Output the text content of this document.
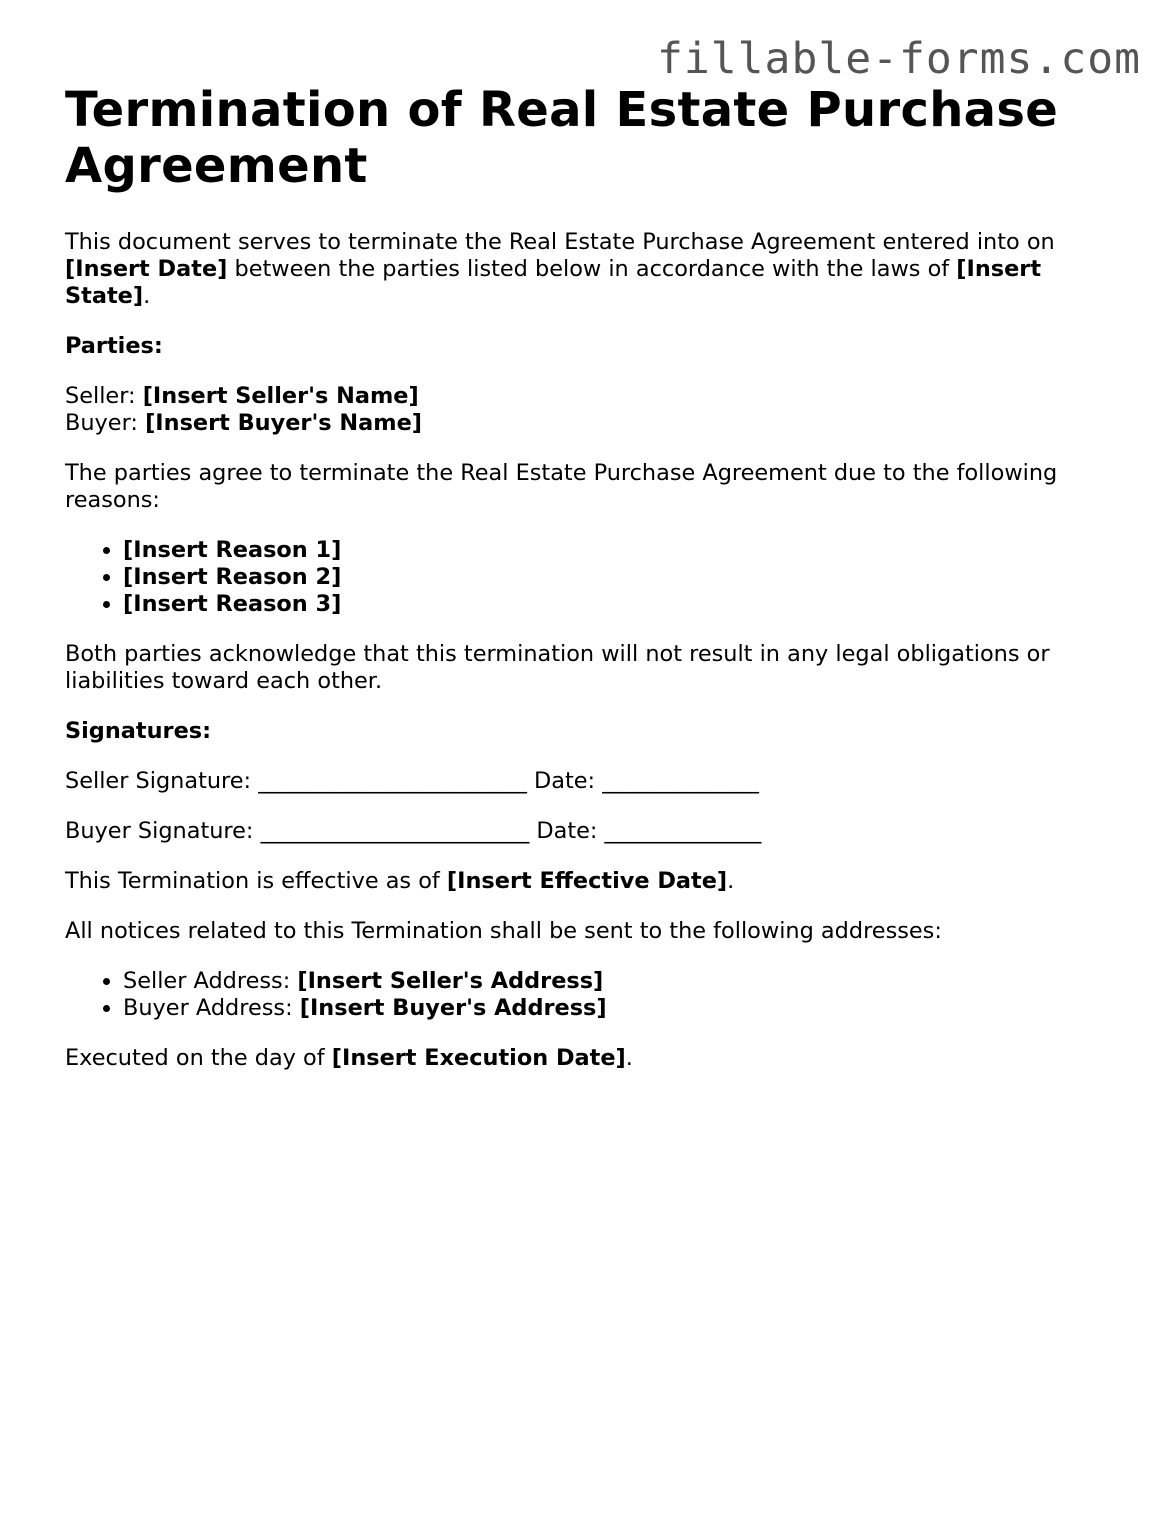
fillable-forms.com
Termination of Real Estate Purchase Agreement

This document serves to terminate the Real Estate Purchase Agreement entered into on [Insert Date] between the parties listed below in accordance with the laws of [Insert State].

Parties:

Seller: [Insert Seller's Name]
Buyer: [Insert Buyer's Name]

The parties agree to terminate the Real Estate Purchase Agreement due to the following reasons:

• [Insert Reason 1]
• [Insert Reason 2]
• [Insert Reason 3]

Both parties acknowledge that this termination will not result in any legal obligations or liabilities toward each other.

Signatures:

Seller Signature: ________________________ Date: ______________

Buyer Signature: ________________________ Date: ______________

This Termination is effective as of [Insert Effective Date].

All notices related to this Termination shall be sent to the following addresses:

• Seller Address: [Insert Seller's Address]
• Buyer Address: [Insert Buyer's Address]

Executed on the day of [Insert Execution Date].
